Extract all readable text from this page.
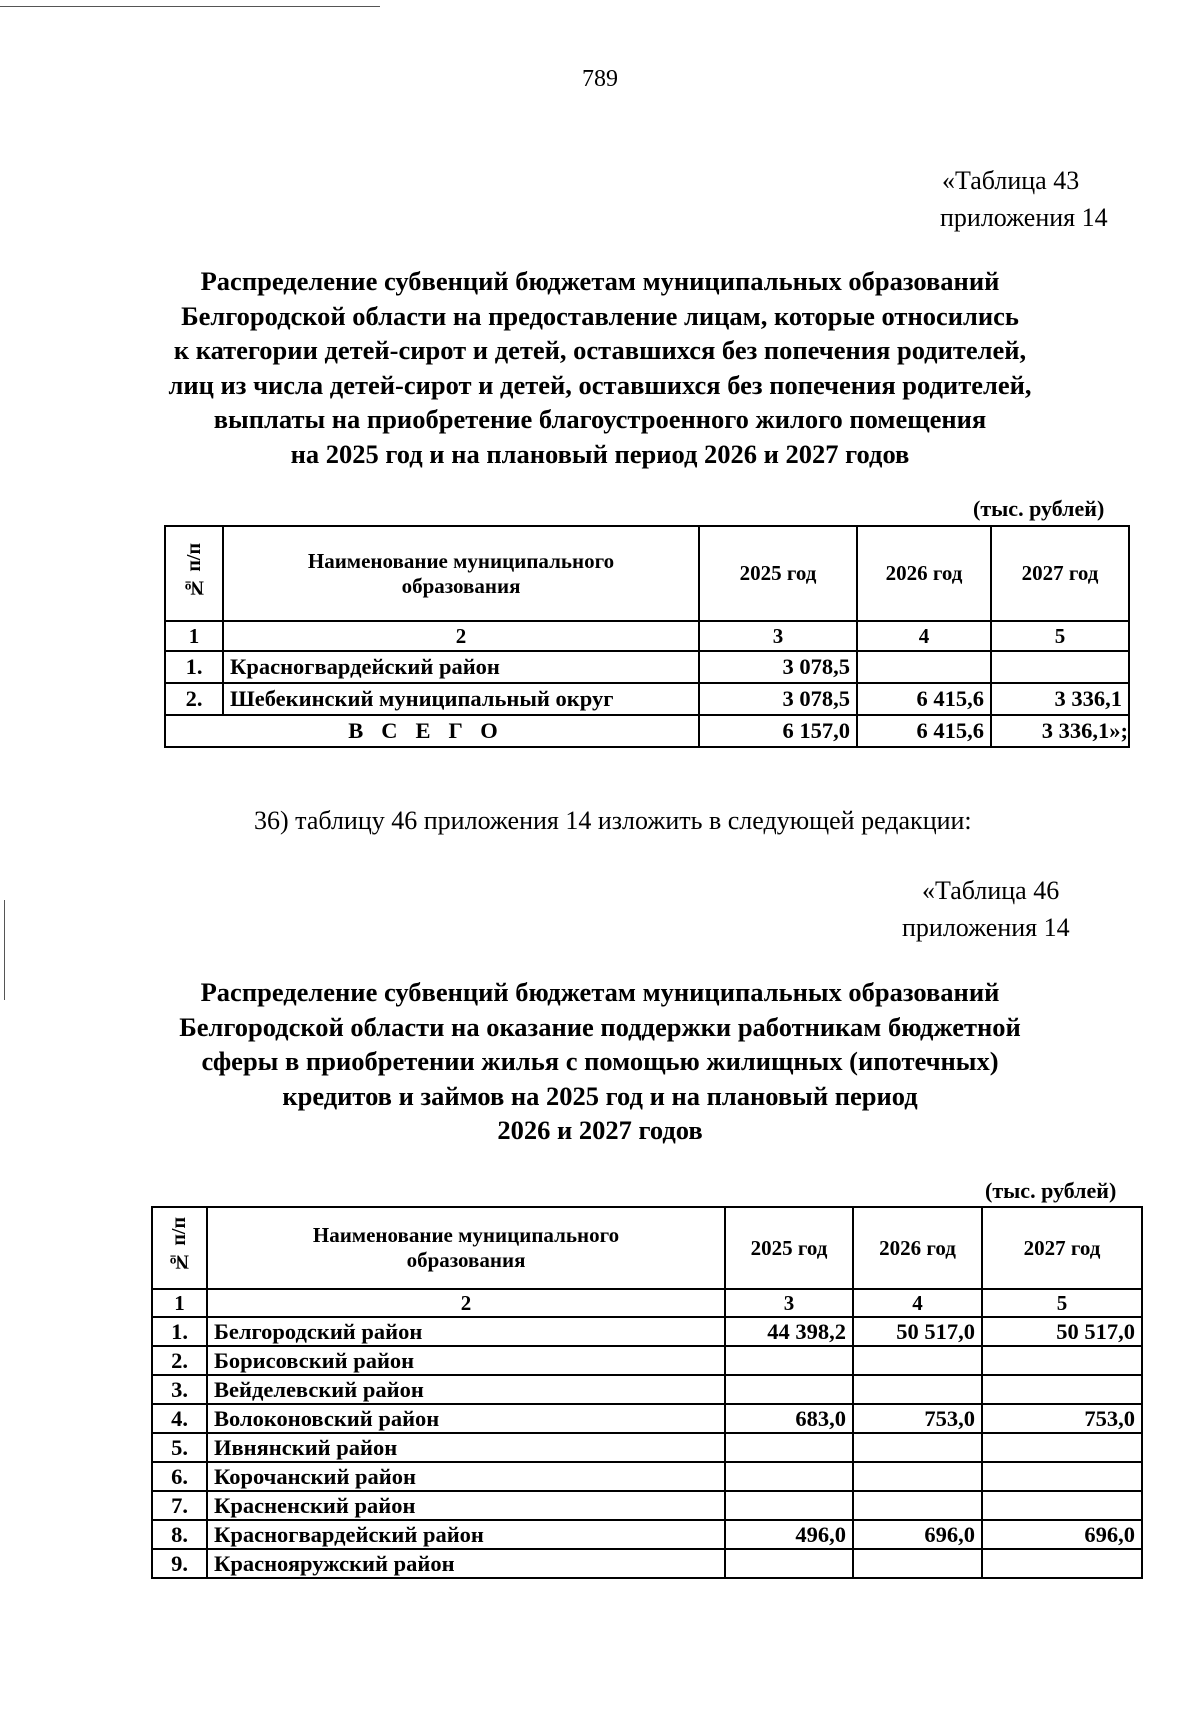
789
«Таблица 43
приложения 14
Распределение субвенций бюджетам муниципальных образований
Белгородской области на предоставление лицам, которые относились
к категории детей-сирот и детей, оставшихся без попечения родителей,
лиц из числа детей-сирот и детей, оставшихся без попечения родителей,
выплаты на приобретение благоустроенного жилого помещения
на 2025 год и на плановый период 2026 и 2027 годов
(тыс. рублей)
№ п/п	Наименование муниципального образования	2025 год	2026 год	2027 год
1	2	3	4	5
1.	Красногвардейский район	3 078,5		
2.	Шебекинский муниципальный округ	3 078,5	6 415,6	3 336,1
ВСЕГО		6 157,0	6 415,6	3 336,1»;
36) таблицу 46 приложения 14 изложить в следующей редакции:
«Таблица 46
приложения 14
Распределение субвенций бюджетам муниципальных образований
Белгородской области на оказание поддержки работникам бюджетной
сферы в приобретении жилья с помощью жилищных (ипотечных)
кредитов и займов на 2025 год и на плановый период
2026 и 2027 годов
(тыс. рублей)
№ п/п	Наименование муниципального образования	2025 год	2026 год	2027 год
1	2	3	4	5
1.	Белгородский район	44 398,2	50 517,0	50 517,0
2.	Борисовский район			
3.	Вейделевский район			
4.	Волоконовский район	683,0	753,0	753,0
5.	Ивнянский район			
6.	Корочанский район			
7.	Красненский район			
8.	Красногвардейский район	496,0	696,0	696,0
9.	Краснояружский район			
